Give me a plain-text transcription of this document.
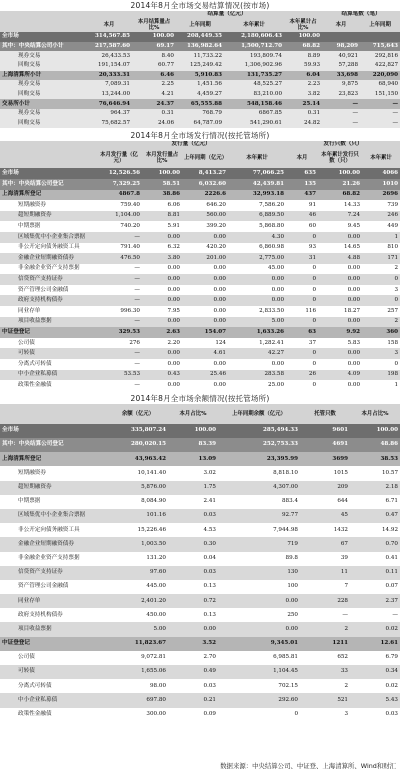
2014年8月全市场交易结算情况(按市场)
		结算量（亿元）				结算笔数（笔）	
	本月	本月结算量占比%	上年同期	本年累计	本年累计占比%	本月	上年同期
全市场	314,567.85	100.00	208,449.35	2,180,606.43	100.00		
其中：中央结算公司小计	217,587.60	69.17	136,982.64	1,500,712.70	68.82	98,209	715,643
现券交易	26,433.53	8.40	11,733.22	193,809.74	8.89	40,921	292,816
回购交易	191,154.07	60.77	125,249.42	1,306,902.96	59.93	57,288	422,827
上海清算所小计	20,333.31	6.46	5,910.83	131,735.27	6.04	33,698	220,090
现券交易	7,089.31	2.25	1,451.56	48,525.27	2.23	9,875	68,940
回购交易	13,244.00	4.21	4,459.27	83,210.00	3.82	23,823	151,150
交易所小计	76,646.94	24.37	65,555.88	548,158.46	25.14	—	—
现券交易	964.37	0.31	768.79	6867.85	0.31	—	—
回购交易	75,682.57	24.06	64,787.09	541,290.61	24.82	—	—
2014年8月全市场发行情况(按托管场所)
	发行量（亿元）				发行只数（只）		
	本月发行量（亿元）	本月发行量占比%	上年同期（亿元）	本年累计	本月	本年累计发行只数（只）	本年累计
全市场	12,526.56	100.00	8,413.27	77,066.25	635	100.00	4066
其中：中央结算公司登记	7,329.25	58.51	6,032.60	42,439.81	135	21.26	1010
上海清算所登记	4867.8	38.86	2226.6	32,993.18	437	68.82	2696
短期融资券	759.40	6.06	646.20	7,586.20	91	14.33	739
超短期融资券	1,104.00	8.81	560.00	6,889.50	46	7.24	246
中期票据	740.20	5.91	399.20	5,868.80	60	9.45	449
区域集优中小企业集合票据	—	0.00	0.00	4.30	0	0.00	1
非公开定向债务融资工具	791.40	6.32	420.20	6,860.98	93	14.65	810
金融企业短期融资债券	476.50	3.80	201.00	2,775.00	31	4.88	171
非金融企业资产支持票据	—	0.00	0.00	45.00	0	0.00	2
信贷资产支持证券	—	0.00	0.00	0.00	0	0.00	0
资产管理公司金融债	—	0.00	0.00	0.00	0	0.00	3
政府支持机构债券	—	0.00	0.00	0.00	0	0.00	0
同业存单	996.30	7.95	0.00	2,833.50	116	18.27	257
项目收益票据	—	0.00	0.00	5.00	0	0.00	2
中证登登记	329.53	2.63	154.07	1,633.26	63	9.92	360
公司债	276	2.20	124	1,282.41	37	5.83	158
可转债	—	0.00	4.61	42.27	0	0.00	3
分离式可转债	—	0.00	0.00	0.00	0	0.00	0
中小企业私募债	53.53	0.43	25.46	283.58	26	4.09	198
政策性金融债	—	0.00	0.00	25.00	0	0.00	1
2014年8月全市场余额情况(按托管场所)
	余额（亿元）	本月占比%	上年同期余额（亿元）	托管只数	本月占比%
全市场	335,807.24	100.00	285,494.33	9601	100.00
其中：中央结算公司登记	280,020.15	83.39	252,753.33	4691	48.86
上海清算所登记	43,963.42	13.09	23,395.99	3699	38.53
短期融资券	10,141.40	3.02	8,818.10	1015	10.57
超短期融资券	5,876.00	1.75	4,307.00	209	2.18
中期票据	8,084.90	2.41	883.4	644	6.71
区域集优中小企业集合票据	101.16	0.03	92.77	45	0.47
非公开定向债务融资工具	15,226.46	4.53	7,944.98	1432	14.92
金融企业短期融资债券	1,003.50	0.30	719	67	0.70
非金融企业资产支持票据	131.20	0.04	89.8	39	0.41
信贷资产支持证券	97.60	0.03	130	11	0.11
资产管理公司金融债	445.00	0.13	100	7	0.07
同业存单	2,401.20	0.72	0.00	228	2.37
政府支持机构债券	450.00	0.13	250	—	—
项目收益票据	5.00	0.00	0.00	2	0.02
中证登登记	11,823.67	3.52	9,345.01	1211	12.61
公司债	9,072.81	2.70	6,985.81	652	6.79
可转债	1,655.06	0.49	1,104.45	33	0.34
分离式可转债	98.00	0.03	702.15	2	0.02
中小企业私募债	697.80	0.21	292.60	521	5.43
政策性金融债	300.00	0.09	0	3	0.03
数据来源：中央结算公司、中证登、上海清算所、Wind和财汇
